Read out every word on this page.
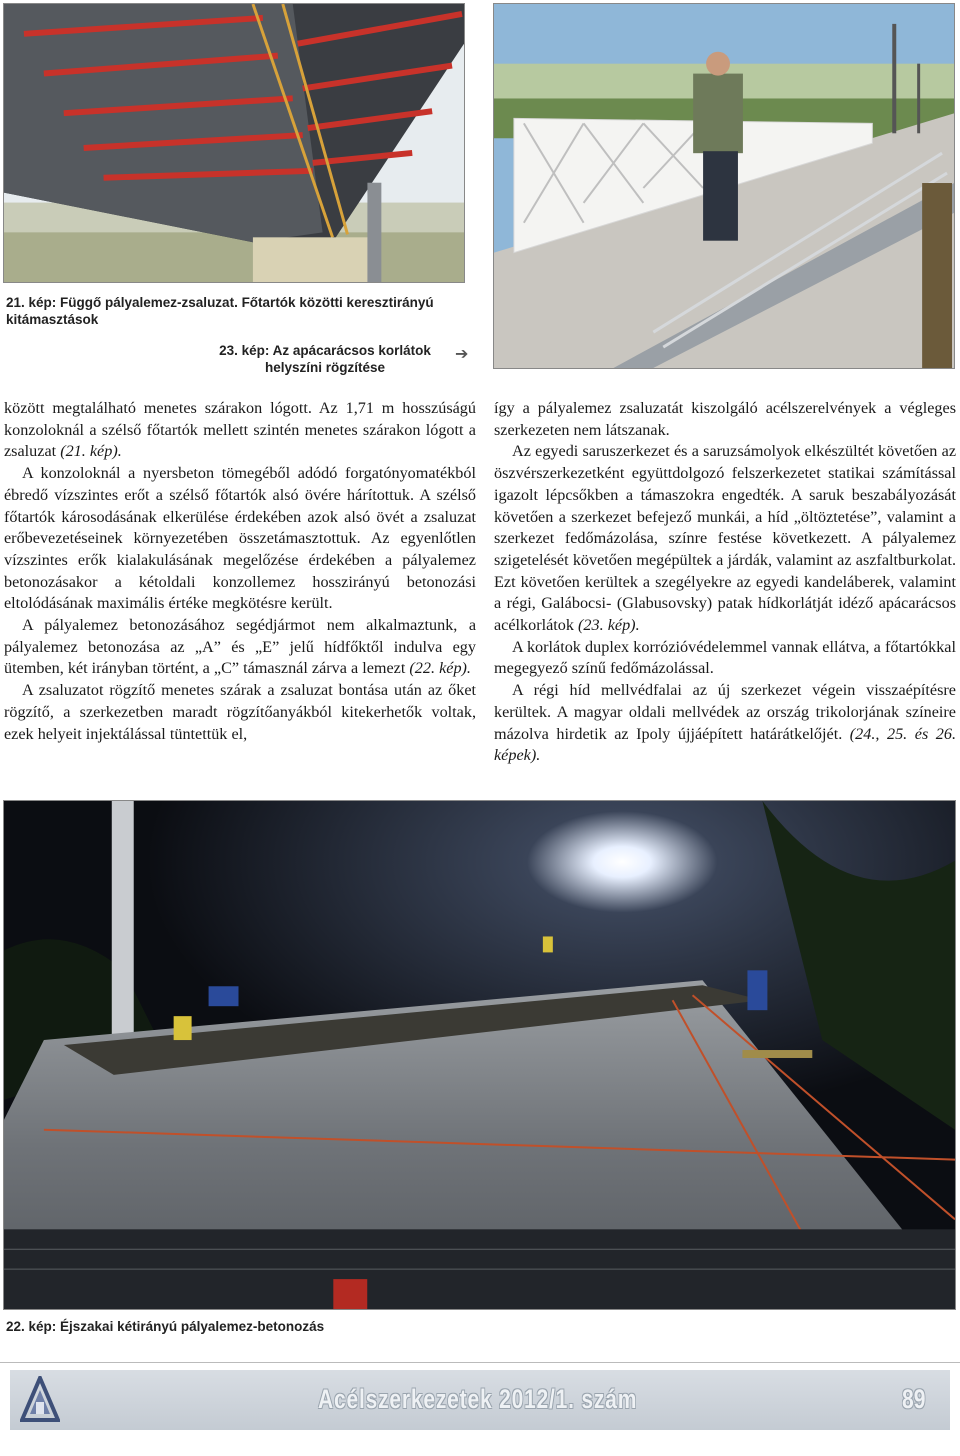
21. kép: Függő pályalemez-zsaluzat. Főtartók közötti keresztirányú kitámasztások
23. kép: Az apácarácsos korlátok
helyszíni rögzítése
➔

között megtalálható menetes szárakon lógott. Az 1,71 m hosszúságú konzoloknál a szélső főtartók mellett szintén menetes szárakon lógott a zsaluzat (21. kép).

A konzoloknál a nyersbeton tömegéből adódó forgatónyomatékból ébredő vízszintes erőt a szélső főtartók alsó övére hárítottuk. A szélső főtartók károsodásának elkerülése érdekében azok alsó övét a zsaluzat erőbevezetéseinek környezetében összetámasztottuk. Az egyenlőtlen vízszintes erők kialakulásának megelőzése érdekében a pályalemez betonozásakor a kétoldali konzollemez hosszirányú betonozási eltolódásának maximális értéke megkötésre került.

A pályalemez betonozásához segédjármot nem alkalmaztunk, a pályalemez betonozása az „A” és „E” jelű hídfőktől indulva egy ütemben, két irányban történt, a „C” támasznál zárva a lemezt (22. kép).

A zsaluzatot rögzítő menetes szárak a zsaluzat bontása után az őket rögzítő, a szerkezetben maradt rögzítőanyákból kitekerhetők voltak, ezek helyeit injektálással tüntettük el,

így a pályalemez zsaluzatát kiszolgáló acélszerelvények a végleges szerkezeten nem látszanak.

Az egyedi saruszerkezet és a saruzsámolyok elkészültét követően az öszvérszerkezetként együttdolgozó felszerkezetet statikai számítással igazolt lépcsőkben a támaszokra engedték. A saruk beszabályozását követően a szerkezet befejező munkái, a híd „öltöztetése”, valamint a szerkezet fedőmázolása, színre festése következett. A pályalemez szigetelését követően megépültek a járdák, valamint az aszfaltburkolat. Ezt követően kerültek a szegélyekre az egyedi kandeláberek, valamint a régi, Galábocsi- (Glabusovsky) patak hídkorlátját idéző apácarácsos acélkorlátok (23. kép).

A korlátok duplex korrózióvédelemmel vannak ellátva, a főtartókkal megegyező színű fedőmázolással.

A régi híd mellvédfalai az új szerkezet végein visszaépítésre kerültek. A magyar oldali mellvédek az ország trikolorjának színeire mázolva hirdetik az Ipoly újjáépített határátkelőjét. (24., 25. és 26. képek).

22. kép: Éjszakai kétirányú pályalemez-betonozás
Acélszerkezetek 2012/1. szám	89
